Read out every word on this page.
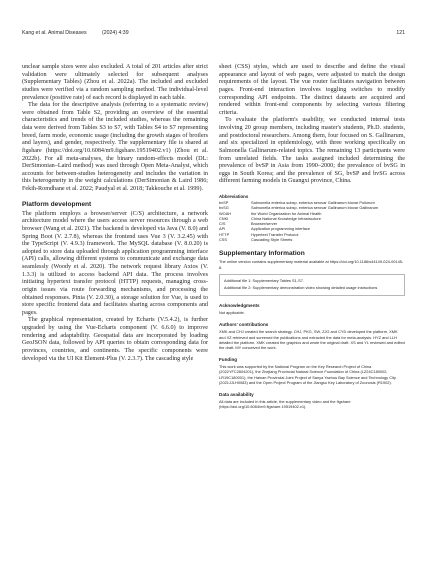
Kang et al. Animal Diseases	(2024) 4:39	121

unclear sample sizes were also excluded. A total of 201 articles after strict validation were ultimately selected for subsequent analyses (Supplementary Tables) (Zhou et al. 2022a). The included and excluded studies were verified via a random sampling method. The individual-level prevalence (positive rate) of each record is displayed in each table.

The data for the descriptive analysis (referring to a systematic review) were obtained from Table S2, providing an overview of the essential characteristics and trends of the included studies, whereas the remaining data were derived from Tables S3 to S7, with Tables S4 to S7 representing breed, farm mode, economic usage (including the growth stages of broilers and layers), and gender, respectively. The supplementary file is shared at figshare (https://doi.org/10.6084/m9.figshare.19519402.v1) (Zhou et al. 2022b). For all meta-analyses, the binary random-effects model (DL: DerSimonian–Laird method) was used through Open Meta-Analyst, which accounts for between-studies heterogeneity and includes the variation in this heterogeneity in the weight calculations (DerSimonian & Laird 1986; Fekih-Romdhane et al. 2022; Paudyal et al. 2018; Takkouche et al. 1999).

Platform development

The platform employs a browser/server (C/S) architecture, a network architecture model where the users access server resources through a web browser (Wang et al. 2021). The backend is developed via Java (V. 8.0) and Spring Boot (V. 2.7.8), whereas the frontend uses Vue 3 (V. 3.2.45) with the TypeScript (V. 4.9.3) framework. The MySQL database (V. 8.0.20) is adopted to store data uploaded through application programming interface (API) calls, allowing different systems to communicate and exchange data seamlessly (Woody et al. 2020). The network request library Axios (V. 1.3.3) is utilized to access backend API data. The process involves initiating hypertext transfer protocol (HTTP) requests, managing cross-origin issues via route forwarding mechanisms, and processing the obtained responses. Pinia (V. 2.0.30), a storage solution for Vue, is used to store specific frontend data and facilitates sharing across components and pages.

The graphical representation, created by Echarts (V.5.4.2), is further upgraded by using the Vue-Echarts component (V. 6.6.0) to improve rendering and adaptability. Geospatial data are incorporated by loading GeoJSON data, followed by API queries to obtain corresponding data for provinces, countries, and continents. The specific components were developed via the UI Kit Element-Plus (V. 2.3.7). The cascading style

sheet (CSS) styles, which are used to describe and define the visual appearance and layout of web pages, were adjusted to match the design requirements of the layout. The vue router facilitates navigation between pages. Front-end interaction involves toggling switches to modify corresponding API endpoints. The distinct datasets are acquired and rendered within front-end components by selecting various filtering criteria.

To evaluate the platform's usability, we conducted internal tests involving 20 group members, including master's students, Ph.D. students, and postdoctoral researchers. Among them, four focused on S. Gallinarum, and six specialized in epidemiology, with three working specifically on Salmonella Gallinarum-related topics. The remaining 13 participants were from unrelated fields. The tasks assigned included determining the prevalence of bvSP in Asia from 1990–2000; the prevalence of bvSG in eggs in South Korea; and the prevalence of SG, bvSP and bvSG across different farming models in Guangxi province, China.

Abbreviations
bvSP	Salmonella enterica subsp. enterica serovar Gallinarum biovar Pullorum
bvSG	Salmonella enterica subsp. enterica serovar Gallinarum biovar Gallinarum
WOAH	the World Organization for Animal Health
CNKI	China National Knowledge Infrastructure
C/S	Browser/server
API	Application programming interface
HTTP	Hypertext Transfer Protocol
CSS	Cascading Style Sheets
Supplementary Information

The online version contains supplementary material available at https://doi.org/10.1186/s44149-024-00145-8.

Additional file 1: Supplementary Tables S1-S7.

Additional file 2: Supplementary demonstration video showing detailed usage instructions

Acknowledgments

Not applicable.

Authors' contributions

XMK and CHJ created the search strategy. CHJ, PKG, SW, ZJG and CYD developed the platform. XMK and XZ retrieved and screened the publications and extracted the data for meta-analysis. HYZ and LLH detailed the platform. XMK created the graphics and wrote the original draft. XS and YL reviewed and edited the draft. MY conceived the work.

Funding

This work was supported by the National Program on the Key Research Project of China (2022YFC2604201), the Zhejiang Provincial Natural Science Foundation of China (LZ24C180002, LR19C180001), the Hainan Provincial Joint Project of Sanya Yazhou Bay Science and Technology City (2021JJLH0083) and the Open Project Program of the Jiangsu Key Laboratory of Zoonosis (R1902).

Data availability

All data are included in this article, the supplementary video and the figshare (https://doi.org/10.6084/m9.figshare.19519402.v1).
